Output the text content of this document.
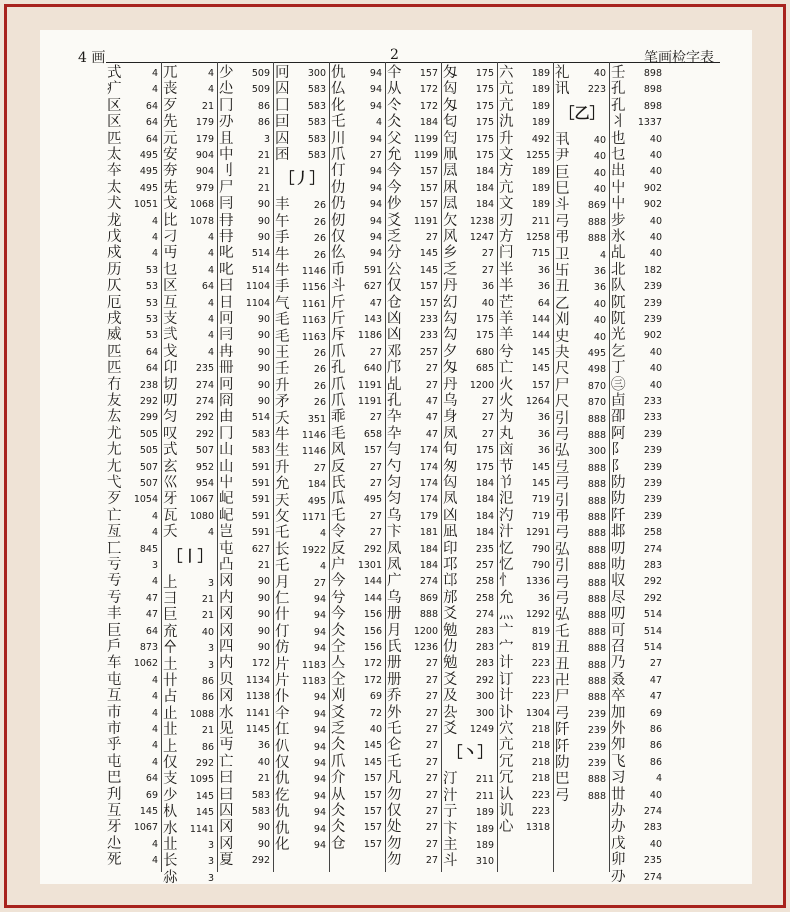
4 画	2	笔画检字表
式	4
疒	4
区	64
区	64
匹	64
太 495
夲 495
太 495
犬 1051
龙	4
戊	4
戍	4
历	53
仄	53
厄	53
戌	53
威	53
匹	64
匹	64
冇 238
友 292
厷 299
尤 505
尢 505
尢 507
弋 507
歹 1054
亡	4
亙	4
匸 845
亏	3
亐	4
亐	47
丰	47
巨	64
戶 873
车 1062
屯	4
互	4
巿	4
市	4
乎	4
屯	4
巴	64
刋	69
互 145
牙 1067
尐	4
死	4
兀	4
丧	4
歹	21
先 179
元 179
安 904
夯 904
兂 979
戈 1068
比 1078
刁	4
丏	4
乜	4
区	64
互	4
支	4
弐	4
戈	4
卬 235
切 274
叨 274
匀 292
叹 292
式 507
玄 952
巛 954
牙 1067
瓦 1080
夭	4
［丨］
上	3
彐	21
巨	21
㐬	40
㐃	3
土	3
卄	86
占	86
止 1088
㐀	21
上	86
仅 292
支 1095
少 145
朲 145
水 1141
㐀	3
长	3
尛	3
少 509
尐 509
冂	86
刅	86
且	3
中	21
刂	21
尸	21
冃	90
冄	90
冄	90
叱 514
叱 514
曰 1104
日 1104
冋	90
冃	90
冉	90
冊	90
冋	90
冏	90
由 514
冂 583
山 583
山 591
屮 591
屺 591
屺 591
岂 591
屯 627
凸	21
冈	90
内	90
冈	90
冈	90
四	90
内 172
贝 1134
冈 1138
水 1141
见 1145
丏	36
亡	40
曰	21
曰 583
囚 583
冈	90
冈	90
夏 292
冋 300
囚 583
囗 583
囙 583
囚 583
囨 583
［丿］
丰	26
午	26
手	26
牛	26
牛 1146
手 1156
气 1161
毛 1163
毛 1163
王	26
壬	26
升	26
矛	26
夭 351
牛 1146
生 1146
升	27
允 184
天 495
攵 1171
乇	4
长 1922
乇	4
月	27
仁	94
什	94
仃	94
仿	94
片 1183
片 1183
仆	94
仐	94
仜	94
仈	94
仅	94
仇	94
仡	94
仇	94
仇	94
化	94
仇	94
仏	94
化	94
乇	4
川	94
爪	27
仃	94
仂	94
仍	94
仞	94
仅	94
仫	94
币 591
斗 627
斤	47
斤 143
斥 1186
爪	27
孔 640
爪 1191
爪 1191
乖	27
毛 658
风 157
反	27
氏	27
瓜 495
乇	27
令	27
反 292
户 1301
今 144
兮 144
今 156
仌 156
仝 156
亼 172
仝 172
刈	69
爻	72
乏	40
仌 145
爪 145
介 157
从 157
仌 157
仌 157
仓 157
仐 157
从 172
仒 172
仌 184
父 1199
允 1199
今 157
今 157
仯 157
爻 1191
乏	27
分 145
公 145
仅 157
仓 157
凶 233
凶 233
邓 257
邝	27
乩	27
孔	47
卆	47
卆	47
勻 174
勺 174
匀 174
匀 174
乌 179
卞 181
凤 184
凤 184
广 274
乌 869
册 888
月 1200
氏 1236
册	27
册	27
乔	27
外	27
乇	27
仑	27
乇	27
凡	27
勿	27
仅	27
处	27
勿	27
勿	27
匁 175
匃 175
匁 175
匂 175
匄 175
凧 175
凨 184
凩 184
凨 184
欠 1238
风 1247
乡	27
乏	27
丹	36
幻	40
勾 175
勾 175
夕 680
匁 685
丹 1200
乌	27
身	27
凤	27
句 175
匆 175
匃 184
凤 184
凶 184
凪 184
印 235
邛 257
邙 258
邡 258
爻 274
勉 283
仂 283
勉 283
爻 292
及 300
厹 300
爻 1249
［丶］
汀 211
汁 211
亍 189
卞 189
主 189
斗 310
六 189
亢 189
亢 189
氿 189
升 492
文 1255
方 189
亢 189
文 189
刃 211
方 1258
闩 715
半	36
半	36
芒	64
羊 144
羊 144
兮 145
亡 145
火 157
火 1264
为	36
丸	36
㐫	36
节 145
兯 145
氾 719
汋 719
汁 1291
忆 790
忆 790
忄 1336
允	36
灬 1292
亠 819
宀 819
计 223
订 223
计 223
讣 1304
穴 218
亢 218
冗 218
冗 218
认 223
讥 223
心 1318
礼	40
讯 223
［乙］
丮	40
尹	40
巨	40
巳	40
斗 869
弓 888
弔 888
卫	4
卐	36
丑	36
乙	40
刈	40
史	40
夬 495
尺 498
尸 870
尺 870
引 888
弓 888
弘 300
弖 888
弓 888
引 888
弔 888
弓 888
弘 888
引 888
弓 888
弓 888
弘 888
乇 888
丑 888
丑 888
卍 888
尸 888
弓 239
阡 239
阡 239
阞 239
巴 888
弓 888
壬 898
孔 898
孔 898
丬 1337
也	40
乜	40
出	40
屮 902
屮 902
步	40
氷	40
乩	40
北 182
队 239
阢 239
阢 239
光 902
乞	40
丁	40
㊂	40
卣 233
卲 233
阿 239
阝 239
阝 239
阞 239
阞 239
阡 239
邶 258
叨 274
叻 283
収 292
尽 292
叨 514
可 514
召 514
乃	27
叒	47
卒	47
加	69
外	86
夘	86
飞	86
习	4
丗	40
办 274
办 283
戊	40
卯 235
刅 274
